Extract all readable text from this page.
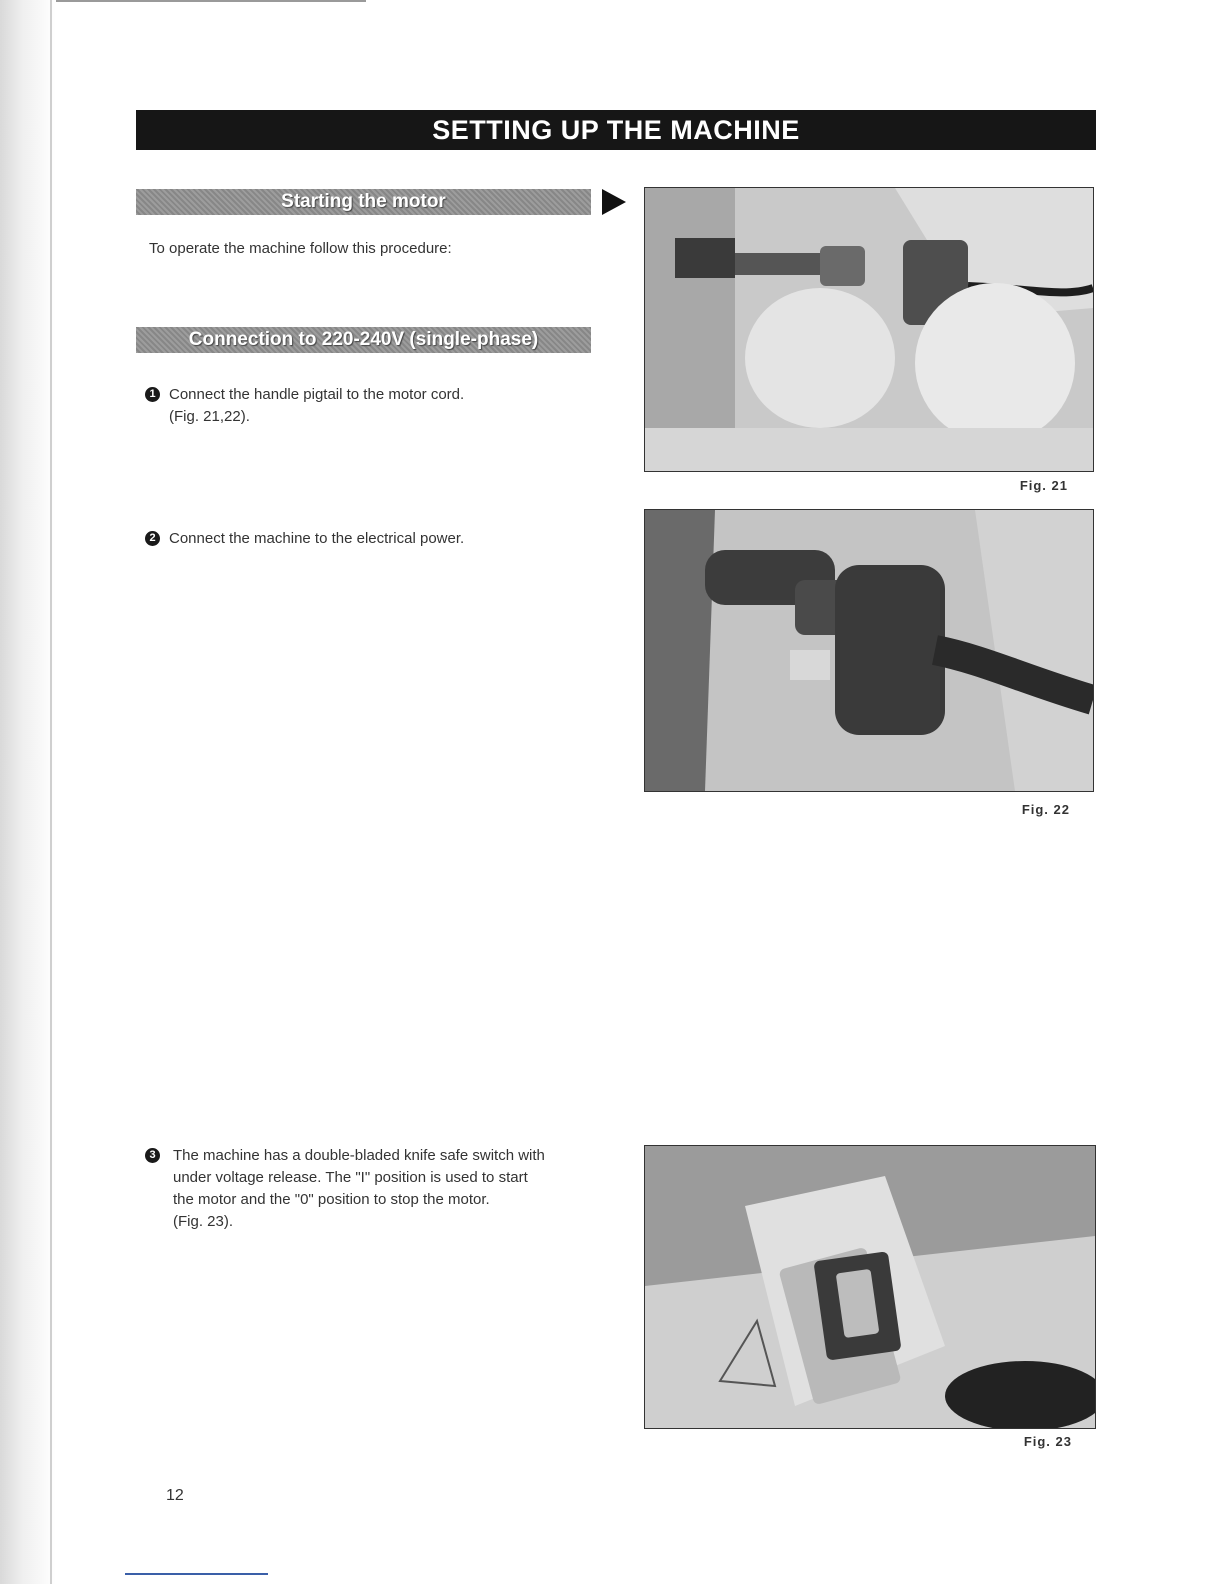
SETTING UP THE MACHINE
Starting the motor
To operate the machine follow this procedure:
Connection to 220-240V (single-phase)
1 Connect the handle pigtail to the motor cord.
(Fig. 21,22).
2 Connect the machine to the electrical power.
3 The machine has a double-bladed knife safe switch with
under voltage release. The "I" position is used to start
the motor and the "0" position to stop the motor.
(Fig. 23).
Fig. 21
Fig. 22
Fig. 23
12
